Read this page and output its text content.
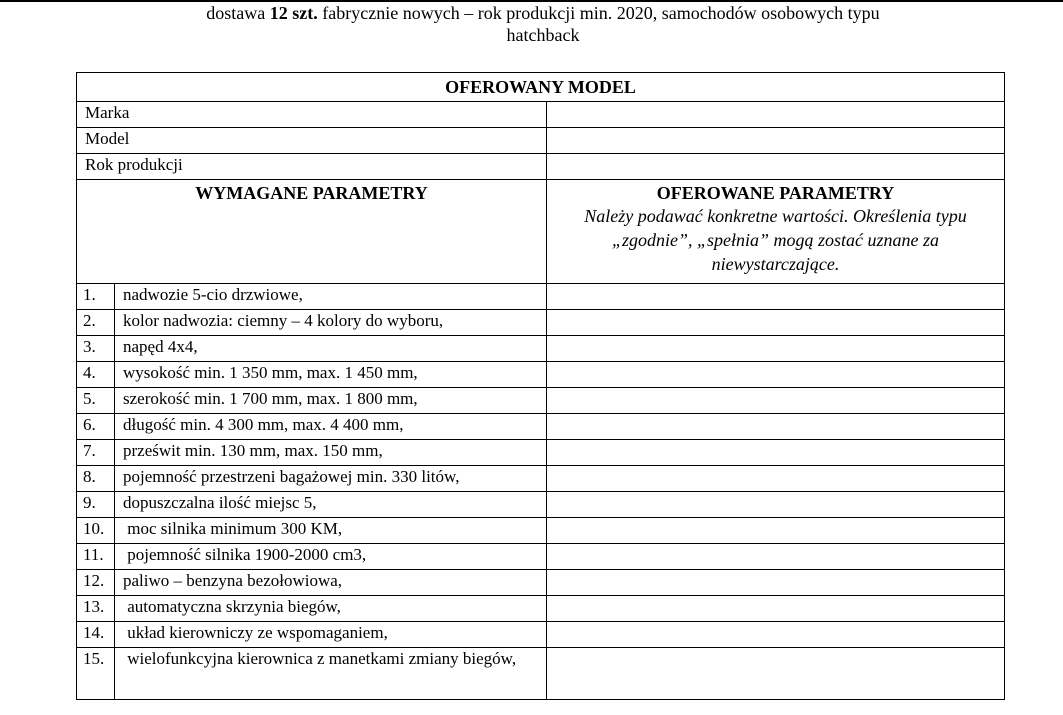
dostawa 12 szt. fabrycznie nowych – rok produkcji min. 2020, samochodów osobowych typu
hatchback
OFEROWANY MODEL		
Marka		
Model		
Rok produkcji		
WYMAGANE PARAMETRY		OFEROWANE PARAMETRY
Należy podawać konkretne wartości. Określenia typu „zgodnie”, „spełnia” mogą zostać uznane za niewystarczające.

1.	nadwozie 5-cio drzwiowe,	
2.	kolor nadwozia: ciemny – 4 kolory do wyboru,	
3.	napęd 4x4,	
4.	wysokość min. 1 350 mm, max. 1 450 mm,	
5.	szerokość min. 1 700 mm, max. 1 800 mm,	
6.	długość min. 4 300 mm, max. 4 400 mm,	
7.	prześwit min. 130 mm, max. 150 mm,	
8.	pojemność przestrzeni bagażowej min. 330 litów,	
9.	dopuszczalna ilość miejsc 5,	
10.	moc silnika minimum 300 KM,	
11.	pojemność silnika 1900-2000 cm3,	
12.	paliwo – benzyna bezołowiowa,	
13.	automatyczna skrzynia biegów,	
14.	układ kierowniczy ze wspomaganiem,	
15.	wielofunkcyjna kierownica z manetkami zmiany biegów,	
